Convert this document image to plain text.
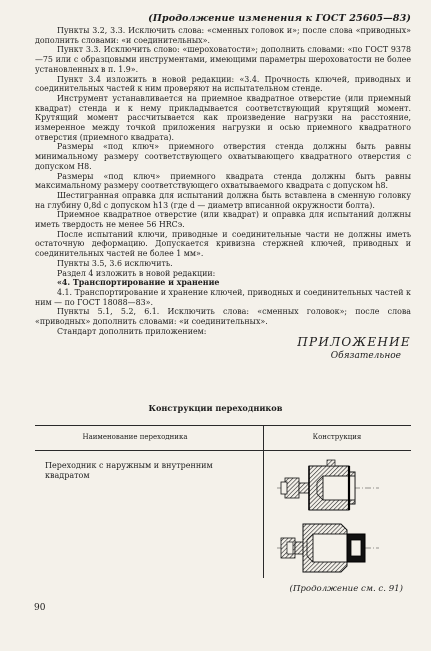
(Продолжение изменения к ГОСТ 25605—83)

Пункты 3.2, 3.3. Исключить слова: «сменных головок и»; после слова «приводных» дополнить словами: «и соединительных».

Пункт 3.3. Исключить слово: «шероховатости»; дополнить словами: «по ГОСТ 9378—75 или с образцовыми инструментами, имеющими параметры шероховатости не более установленных в п. 1.9».

Пункт 3.4 изложить в новой редакции: «3.4. Прочность ключей, приводных и соединительных частей к ним проверяют на испытательном стенде.

Инструмент устанавливается на приемное квадратное отверстие (или приемный квадрат) стенда и к нему прикладывается соответствующий крутящий момент. Крутящий момент рассчитывается как произведение нагрузки на расстояние, измеренное между точкой приложения нагрузки и осью приемного квадратного отверстия (приемного квадрата).

Размеры «под ключ» приемного отверстия стенда должны быть равны минимальному размеру соответствующего охватывающего квадратного отверстия с допуском Н8.

Размеры «под ключ» приемного квадрата стенда должны быть равны максимальному размеру соответствующего охватываемого квадрата с допуском h8.

Шестигранная оправка для испытаний должна быть вставлена в сменную головку на глубину 0,8d с допуском h13 (где d — диаметр вписанной окружности болта).

Приемное квадратное отверстие (или квадрат) и оправка для испытаний должны иметь твердость не менее 56 HRCэ.

После испытаний ключи, приводные и соединительные части не должны иметь остаточную деформацию. Допускается кривизна стержней ключей, приводных и соединительных частей не более 1 мм».

Пункты 3.5, 3.6 исключить.

Раздел 4 изложить в новой редакции:

«4. Транспортирование и хранение

4.1. Транспортирование и хранение ключей, приводных и соединительных частей к ним — по ГОСТ 18088—83».

Пункты 5.1, 5.2, 6.1. Исключить слова: «сменных головок»; после слова «приводных» дополнить словами: «и соединительных».

Стандарт дополнить приложением:

ПРИЛОЖЕНИЕ
Обязательное
Конструкции переходников
Наименование переходника	Конструкция
Переходник с наружным и внутренним квадратом
(Продолжение см. с. 91)
90
